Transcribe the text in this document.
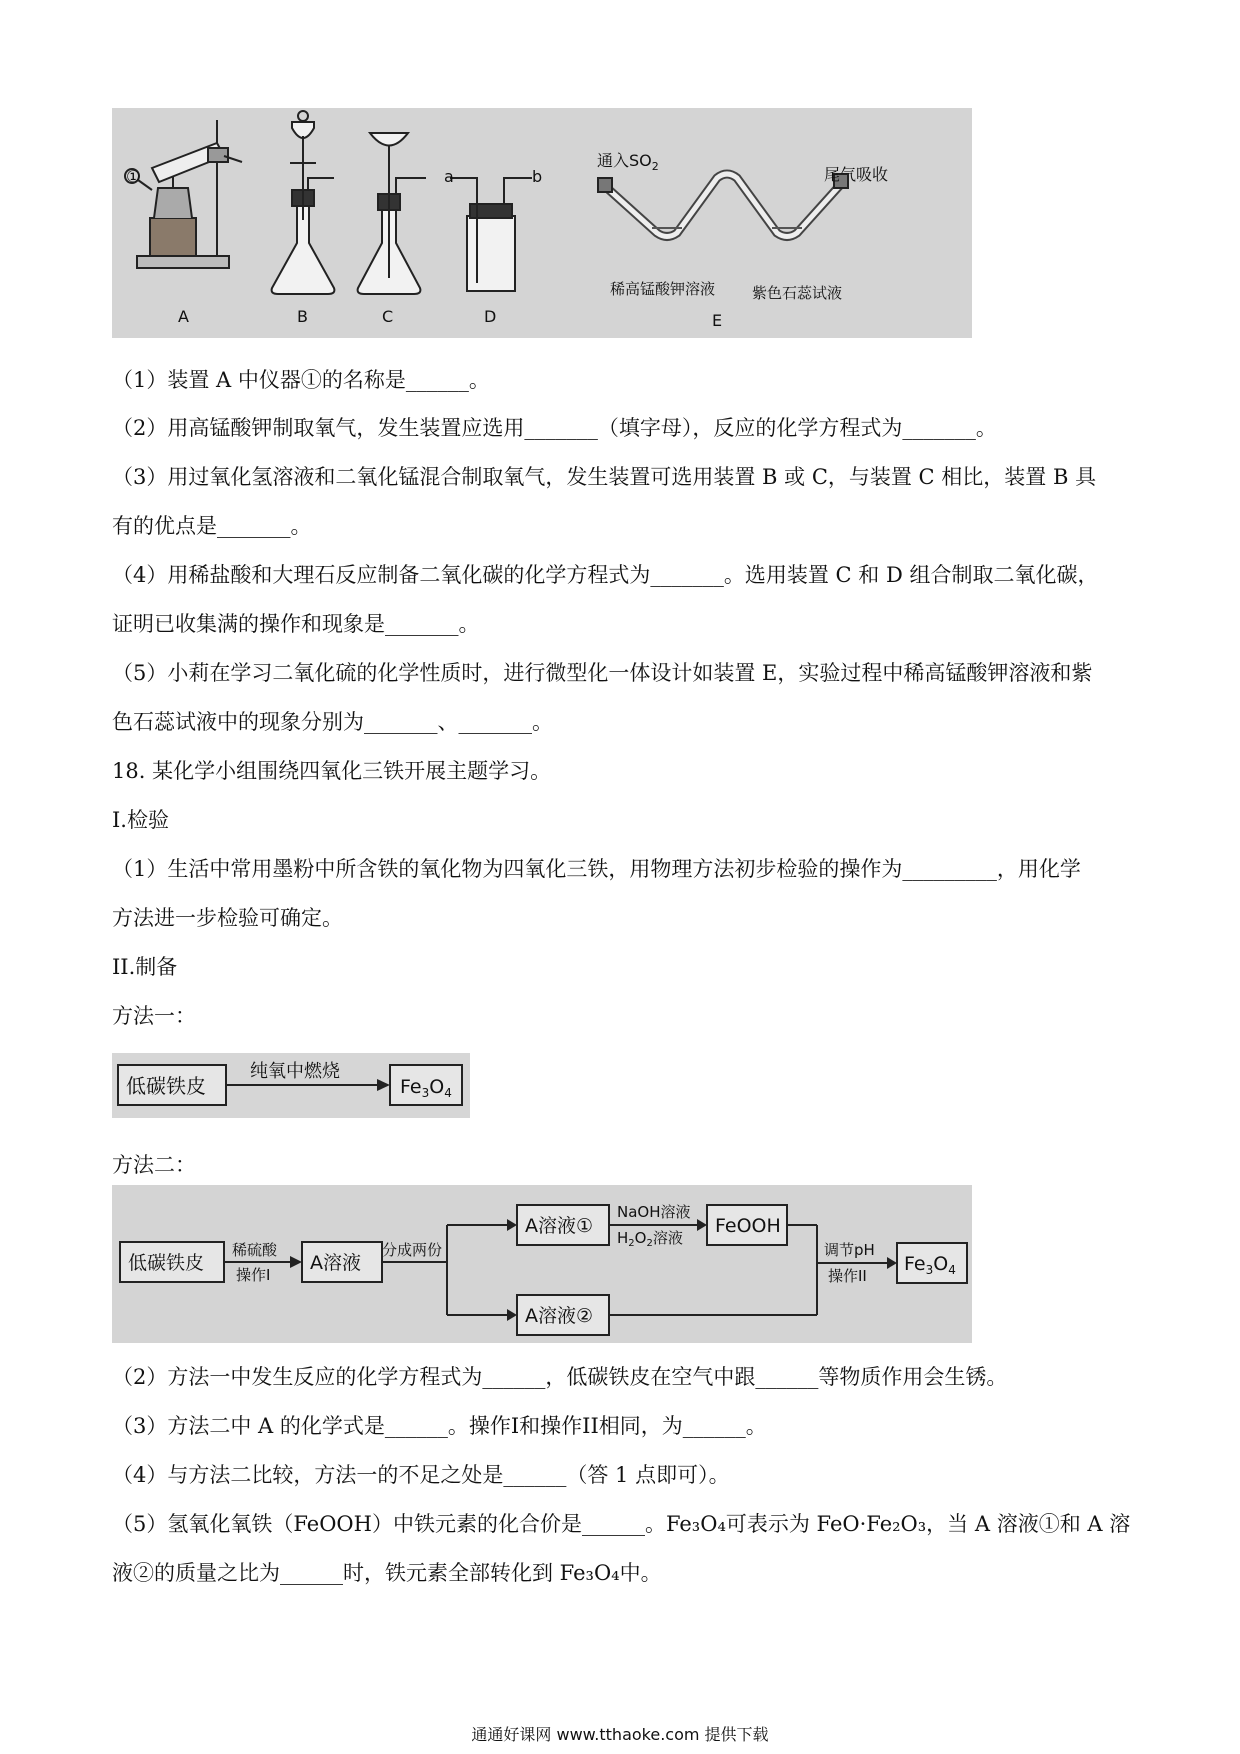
①
A	B	C	D
a	b
通入$SO_2$	尾气吸收
E
稀高锰酸钾溶液 紫色石蕊试液
（1）装置 A 中仪器①的名称是______。
（2）用高锰酸钾制取氧气，发生装置应选用_______（填字母），反应的化学方程式为_______。
（3）用过氧化氢溶液和二氧化锰混合制取氧气，发生装置可选用装置 B 或 C，与装置 C 相比，装置 B 具
有的优点是_______。
（4）用稀盐酸和大理石反应制备二氧化碳的化学方程式为_______。选用装置 C 和 D 组合制取二氧化碳，
证明已收集满的操作和现象是_______。
（5）小莉在学习二氧化硫的化学性质时，进行微型化一体设计如装置 E，实验过程中稀高锰酸钾溶液和紫
色石蕊试液中的现象分别为_______、_______。
18. 某化学小组围绕四氧化三铁开展主题学习。
I.检验
（1）生活中常用墨粉中所含铁的氧化物为四氧化三铁，用物理方法初步检验的操作为_________，用化学
方法进一步检验可确定。
II.制备
方法一：
低碳铁皮
纯氧中燃烧
$Fe_3O_4$
方法二：
低碳铁皮	A溶液
A溶液①
A溶液②
FeOOH
$Fe_3O_4$
稀硫酸
操作I
分成两份
NaOH溶液
$H_2O_2$溶液
调节pH
操作II
（2）方法一中发生反应的化学方程式为______，低碳铁皮在空气中跟______等物质作用会生锈。
（3）方法二中 A 的化学式是______。操作I和操作II相同，为______。
（4）与方法二比较，方法一的不足之处是______（答 1 点即可）。
（5）氢氧化氧铁（FeOOH）中铁元素的化合价是______。Fe₃O₄可表示为 FeO·Fe₂O₃，当 A 溶液①和 A 溶
液②的质量之比为______时，铁元素全部转化到 Fe₃O₄中。
通通好课网 www.tthaoke.com 提供下载
